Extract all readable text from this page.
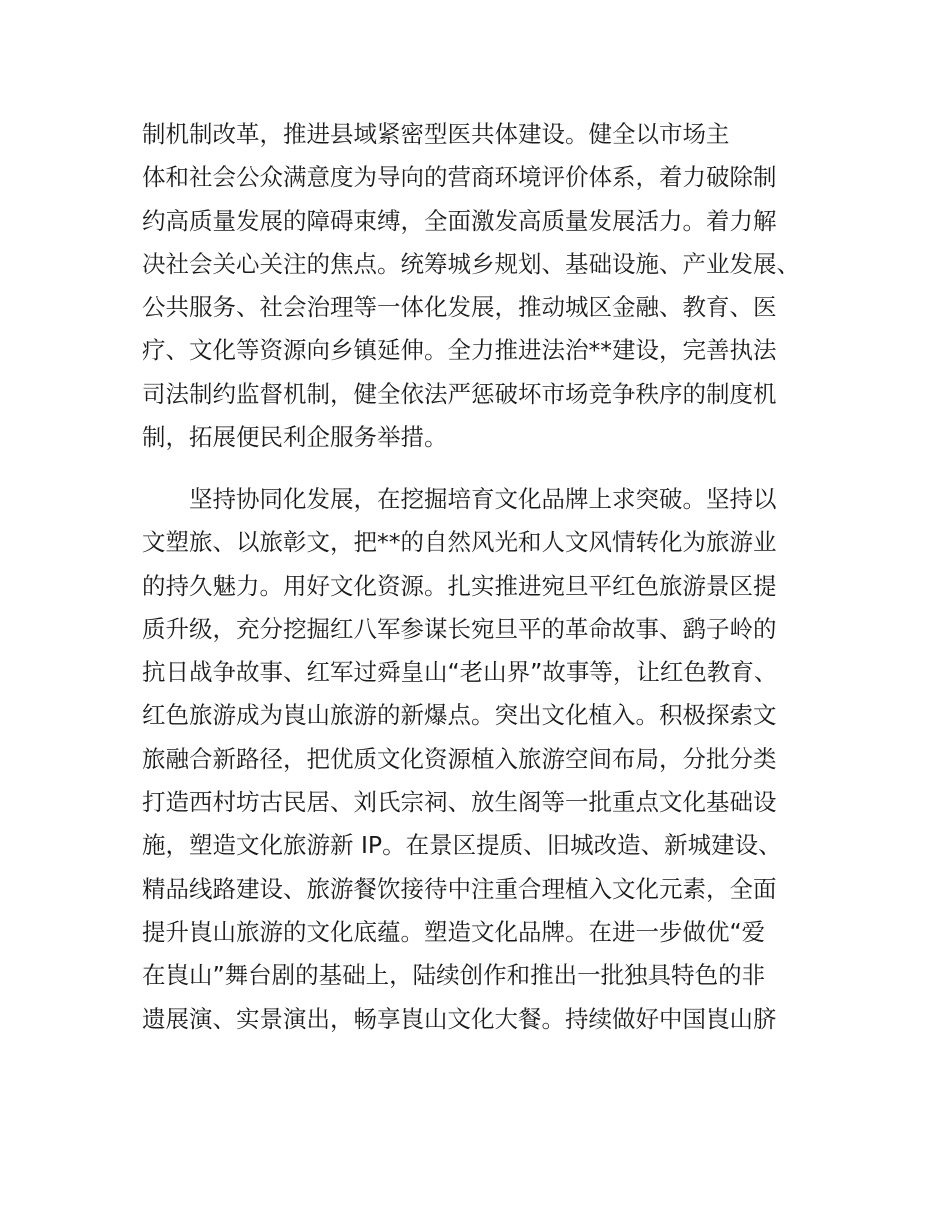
制机制改革，推进县域紧密型医共体建设。健全以市场主
体和社会公众满意度为导向的营商环境评价体系，着力破除制
约高质量发展的障碍束缚，全面激发高质量发展活力。着力解
决社会关心关注的焦点。统筹城乡规划、基础设施、产业发展、
公共服务、社会治理等一体化发展，推动城区金融、教育、医
疗、文化等资源向乡镇延伸。全力推进法治**建设，完善执法
司法制约监督机制，健全依法严惩破坏市场竞争秩序的制度机
制，拓展便民利企服务举措。
坚持协同化发展，在挖掘培育文化品牌上求突破。坚持以
文塑旅、以旅彰文，把**的自然风光和人文风情转化为旅游业
的持久魅力。用好文化资源。扎实推进宛旦平红色旅游景区提
质升级，充分挖掘红八军参谋长宛旦平的革命故事、鹞子岭的
抗日战争故事、红军过舜皇山“老山界”故事等，让红色教育、
红色旅游成为崀山旅游的新爆点。突出文化植入。积极探索文
旅融合新路径，把优质文化资源植入旅游空间布局，分批分类
打造西村坊古民居、刘氏宗祠、放生阁等一批重点文化基础设
施，塑造文化旅游新 IP。在景区提质、旧城改造、新城建设、
精品线路建设、旅游餐饮接待中注重合理植入文化元素，全面
提升崀山旅游的文化底蕴。塑造文化品牌。在进一步做优“爱
在崀山”舞台剧的基础上，陆续创作和推出一批独具特色的非
遗展演、实景演出，畅享崀山文化大餐。持续做好中国崀山脐
